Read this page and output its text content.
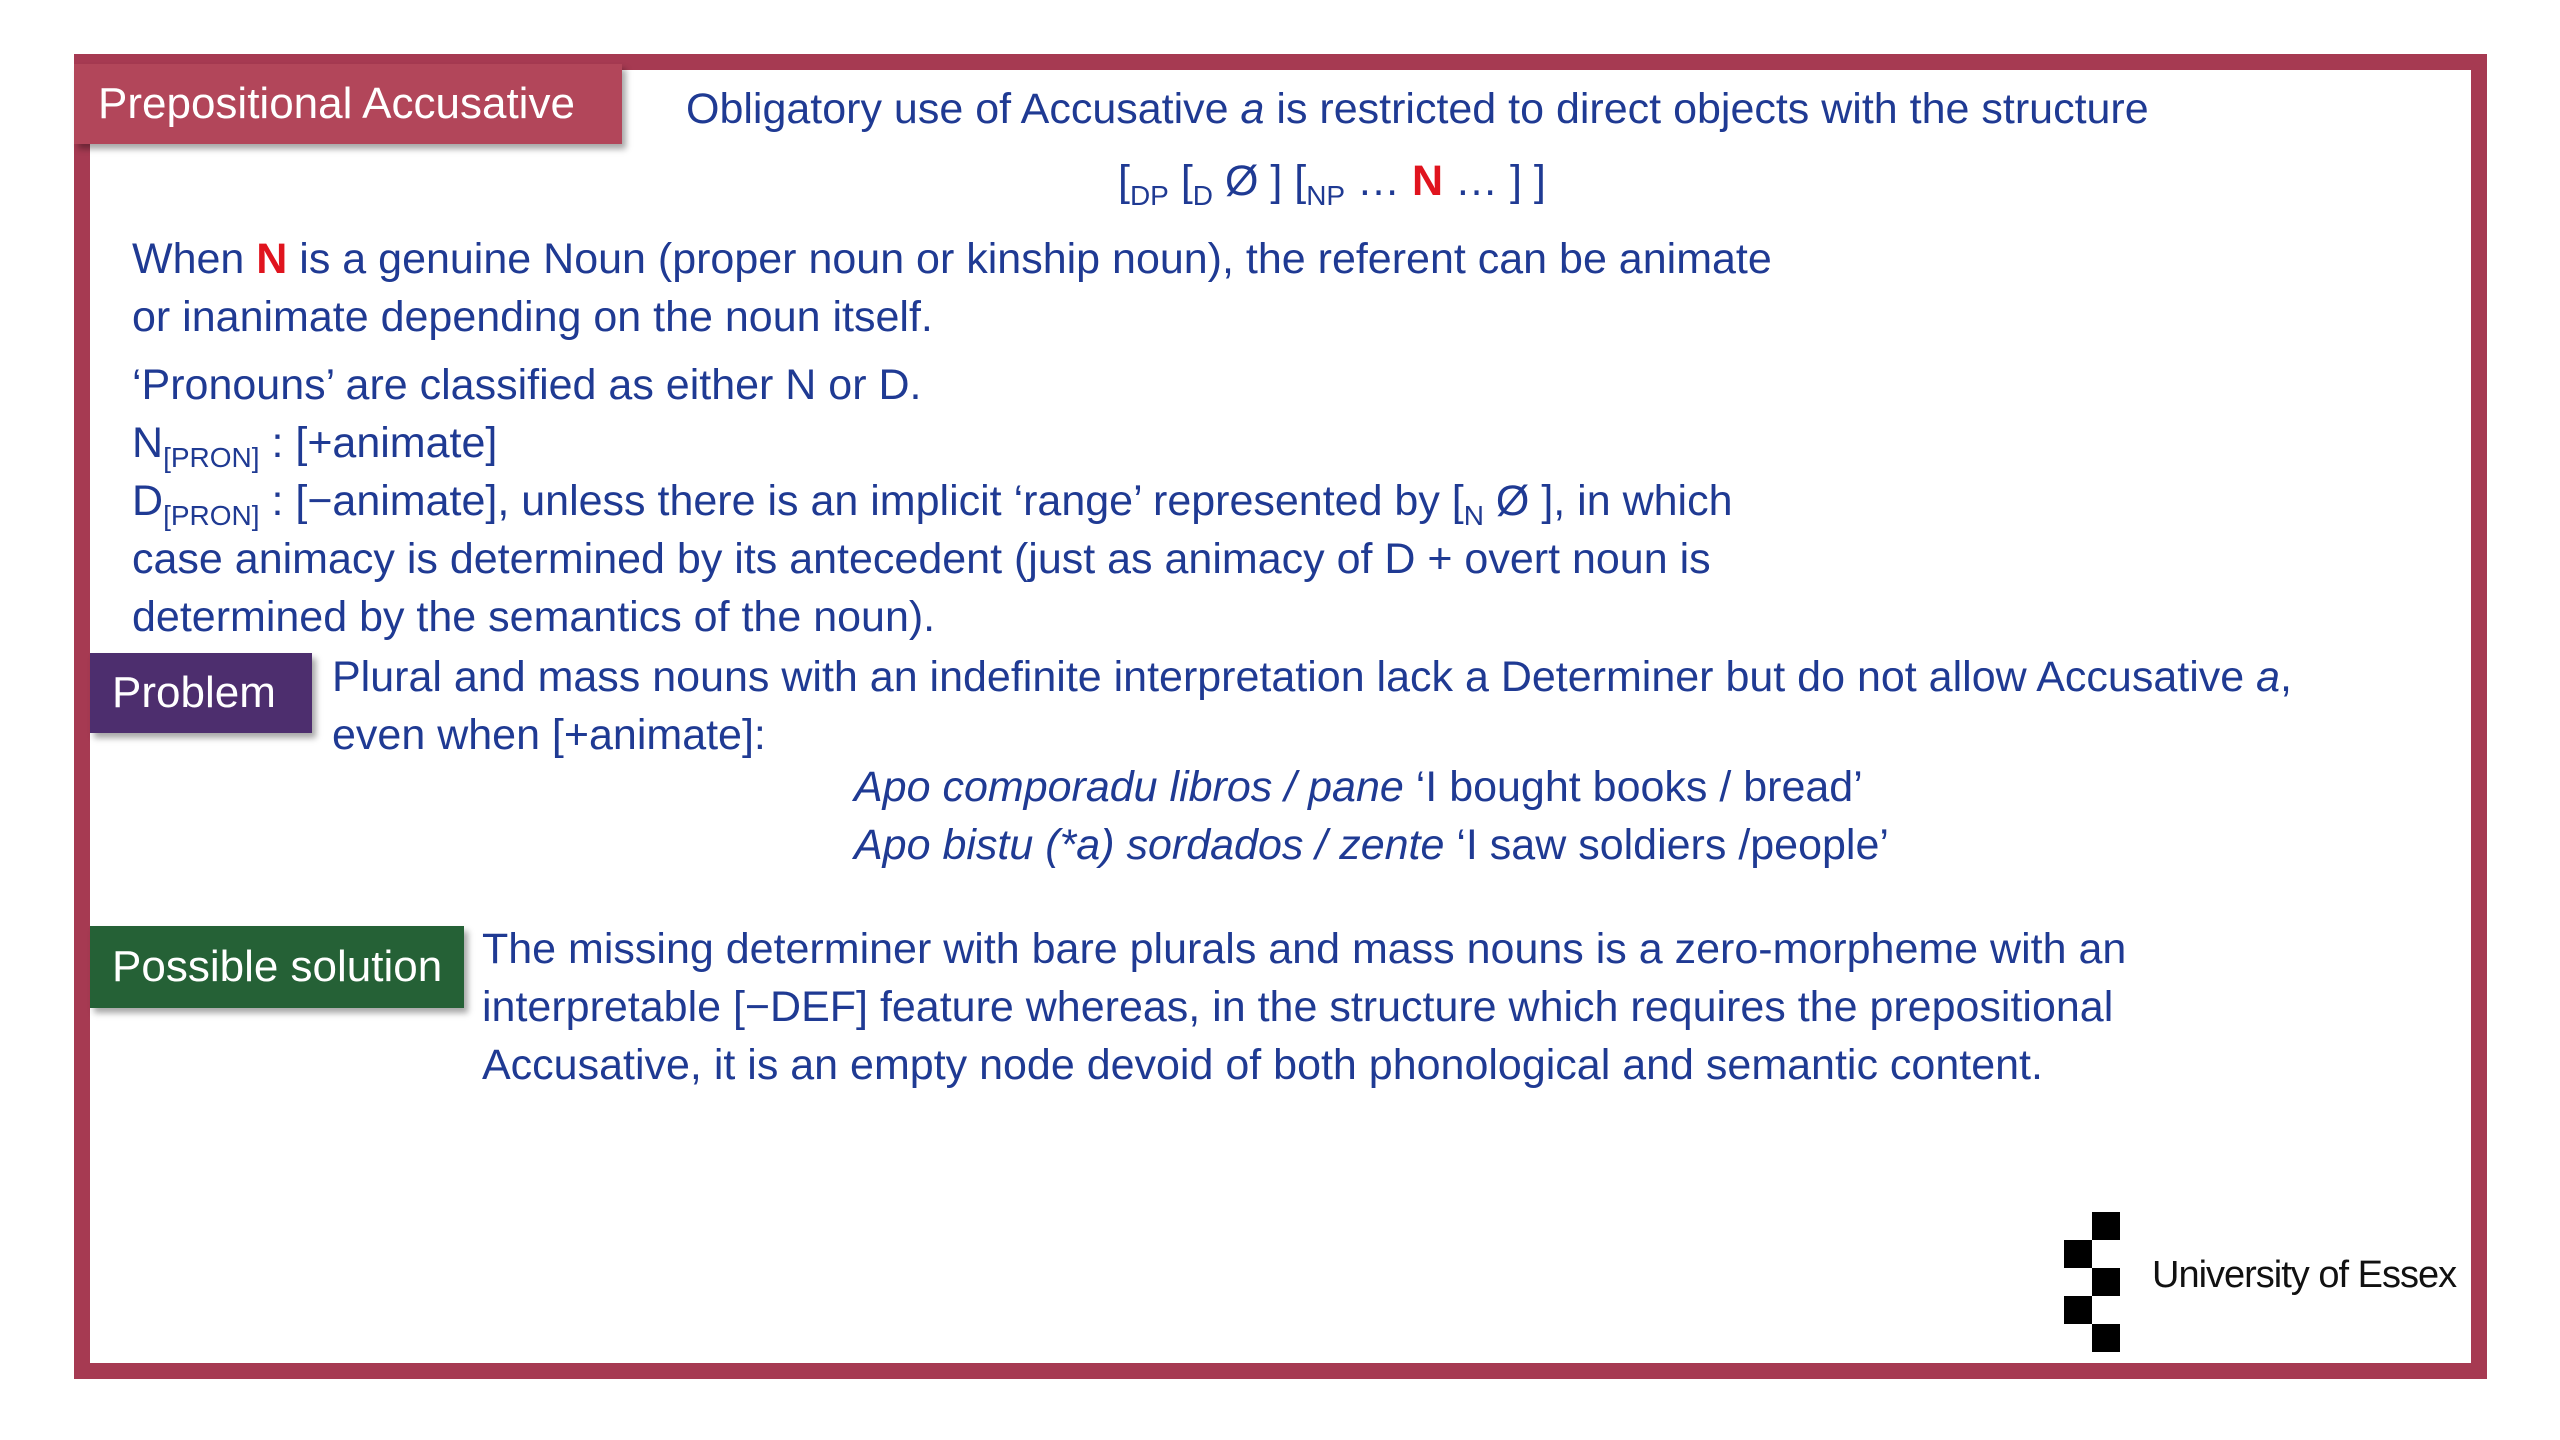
Prepositional Accusative
Problem
Possible solution
Obligatory use of Accusative a is restricted to direct objects with the structure
[$_{DP}$ [$_D$ Ø ] [$_{NP}$ … N … ] ]
When N is a genuine Noun (proper noun or kinship noun), the referent can be animate
or inanimate depending on the noun itself.
‘Pronouns’ are classified as either N or D.
$N_{[PRON]}$ : [+animate]
$D_{[PRON]}$ : [−animate], unless there is an implicit ‘range’ represented by [$_N$ Ø ], in which
case animacy is determined by its antecedent (just as animacy of D + overt noun is
determined by the semantics of the noun).
Plural and mass nouns with an indefinite interpretation lack a Determiner but do not allow Accusative a,
even when [+animate]:
Apo comporadu libros / pane ‘I bought books / bread’
Apo bistu (*a) sordados / zente ‘I saw soldiers /people’
The missing determiner with bare plurals and mass nouns is a zero-morpheme with an
interpretable [−DEF] feature whereas, in the structure which requires the prepositional
Accusative, it is an empty node devoid of both phonological and semantic content.
University of Essex
